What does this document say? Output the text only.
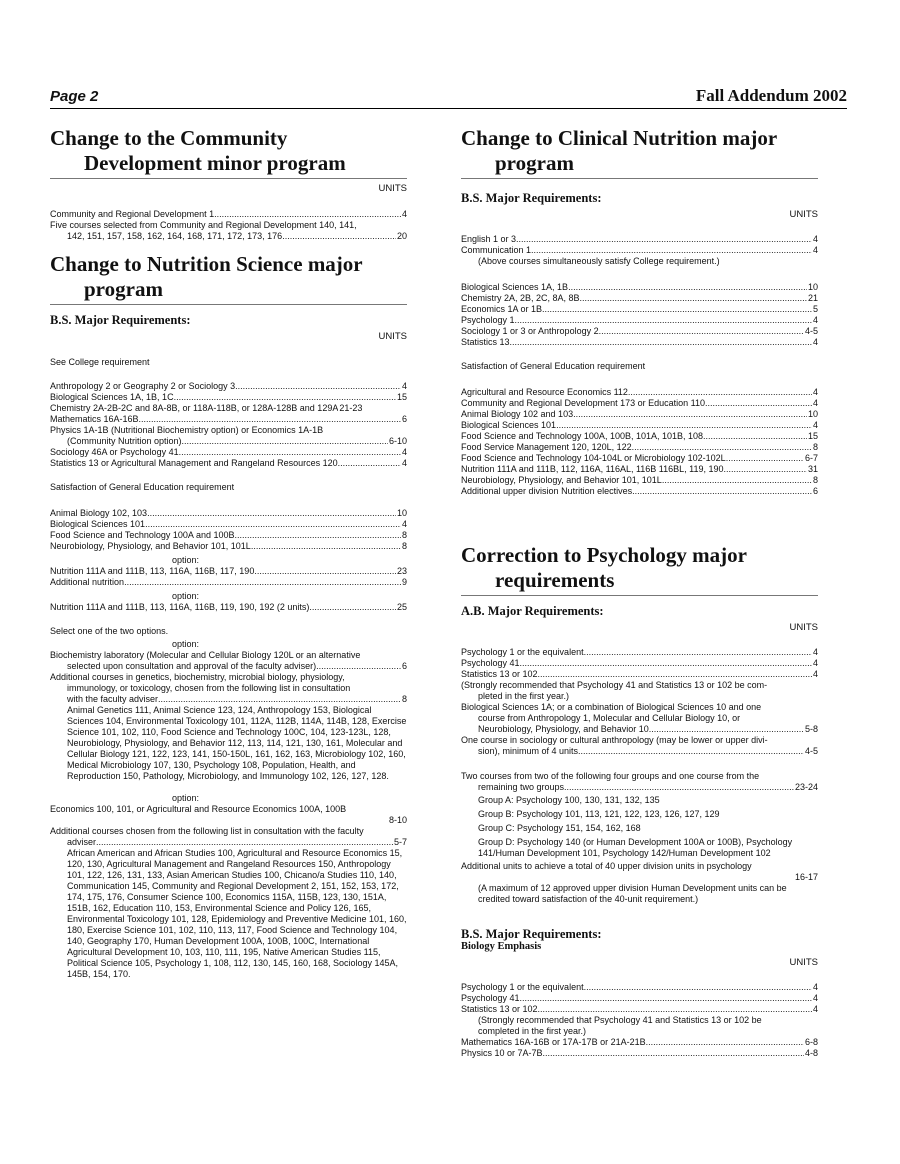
Page 2	Fall Addendum 2002
Change to the Community
Development minor program
UNITS
Community and Regional Development 1 .....	4
Five courses selected from Community and Regional Development 140, 141,
142, 151, 157, 158, 162, 164, 168, 171, 172, 173, 176 .....	20
Change to Nutrition Science major
program
B.S. Major Requirements:
UNITS
See College requirement
Anthropology 2 or Geography 2 or Sociology 3 .....	4
Biological Sciences 1A, 1B, 1C .....	15
Chemistry 2A-2B-2C and 8A-8B, or 118A-118B, or 128A-128B and 129A ..... 21-23
Mathematics 16A-16B .....	6
Physics 1A-1B (Nutritional Biochemistry option) or Economics 1A-1B
(Community Nutrition option) .....	6-10
Sociology 46A or Psychology 41 .....	4
Statistics 13 or Agricultural Management and Rangeland Resources 120 .....	4
Satisfaction of General Education requirement
Animal Biology 102, 103 .....	10
Biological Sciences 101 .....	4
Food Science and Technology 100A and 100B .....	8
Neurobiology, Physiology, and Behavior 101, 101L .....	8
option:
Nutrition 111A and 111B, 113, 116A, 116B, 117, 190 .....	23
Additional nutrition .....	9
option:
Nutrition 111A and 111B, 113, 116A, 116B, 119, 190, 192 (2 units) .....	25
Select one of the two options.
option:
Biochemistry laboratory (Molecular and Cellular Biology 120L or an alternative
selected upon consultation and approval of the faculty adviser) .....	6
Additional courses in genetics, biochemistry, microbial biology, physiology,
immunology, or toxicology, chosen from the following list in consultation
with the faculty adviser .....	8
Animal Genetics 111, Animal Science 123, 124, Anthropology 153, Biological Sciences 104, Environmental Toxicology 101, 112A, 112B, 114A, 114B, 128, Exercise Science 101, 102, 110, Food Science and Technology 100C, 104, 123-123L, 128, Neurobiology, Physiology, and Behavior 112, 113, 114, 121, 130, 161, Molecular and Cellular Biology 121, 122, 123, 141, 150-150L, 161, 162, 163, Microbiology 102, 160, Medical Microbiology 107, 130, Psychology 108, Population, Health, and Reproduction 150, Pathology, Microbiology, and Immunology 102, 126, 127, 128.
option:
Economics 100, 101, or Agricultural and Resource Economics 100A, 100B
8-10
Additional courses chosen from the following list in consultation with the faculty
adviser .....	5-7
African American and African Studies 100, Agricultural and Resource Economics 15, 120, 130, Agricultural Management and Rangeland Resources 150, Anthropology 101, 122, 126, 131, 133, Asian American Studies 100, Chicano/a Studies 110, 140, Communication 145, Community and Regional Development 2, 151, 152, 153, 172, 174, 175, 176, Consumer Science 100, Economics 115A, 115B, 123, 130, 151A, 151B, 162, Education 110, 153, Environmental Science and Policy 126, 165, Environmental Toxicology 101, 128, Epidemiology and Preventive Medicine 101, 160, 180, Exercise Science 101, 102, 110, 113, 117, Food Science and Technology 104, 140, Geography 170, Human Development 100A, 100B, 100C, International Agricultural Development 10, 103, 110, 111, 195, Native American Studies 115, Political Science 105, Psychology 1, 108, 112, 130, 145, 160, 168, Sociology 145A, 145B, 154, 170.
Change to Clinical Nutrition major
program
B.S. Major Requirements:
UNITS
English 1 or 3 .....	4
Communication 1 .....	4
(Above courses simultaneously satisfy College requirement.)
Biological Sciences 1A, 1B .....	10
Chemistry 2A, 2B, 2C, 8A, 8B .....	21
Economics 1A or 1B .....	5
Psychology 1 .....	4
Sociology 1 or 3 or Anthropology 2 .....	4-5
Statistics 13 .....	4
Satisfaction of General Education requirement
Agricultural and Resource Economics 112 .....	4
Community and Regional Development 173 or Education 110 .....	4
Animal Biology 102 and 103 .....	10
Biological Sciences 101 .....	4
Food Science and Technology 100A, 100B, 101A, 101B, 108 .....	15
Food Service Management 120, 120L, 122 .....	8
Food Science and Technology 104-104L or Microbiology 102-102L .....	6-7
Nutrition 111A and 111B, 112, 116A, 116AL, 116B 116BL, 119, 190 .....	31
Neurobiology, Physiology, and Behavior 101, 101L .....	8
Additional upper division Nutrition electives .....	6
Correction to Psychology major
requirements
A.B. Major Requirements:
UNITS
Psychology 1 or the equivalent .....	4
Psychology 41 .....	4
Statistics 13 or 102 .....	4
(Strongly recommended that Psychology 41 and Statistics 13 or 102 be com-
pleted in the first year.)
Biological Sciences 1A; or a combination of Biological Sciences 10 and one
course from Anthropology 1, Molecular and Cellular Biology 10, or
Neurobiology, Physiology, and Behavior 10 .....	5-8
One course in sociology or cultural anthropology (may be lower or upper divi-
sion), minimum of 4 units .....	4-5
Two courses from two of the following four groups and one course from the
remaining two groups .....	23-24
Group A: Psychology 100, 130, 131, 132, 135
Group B: Psychology 101, 113, 121, 122, 123, 126, 127, 129
Group C: Psychology 151, 154, 162, 168
Group D: Psychology 140 (or Human Development 100A or 100B), Psychology 141/Human Development 101, Psychology 142/Human Development 102
Additional units to achieve a total of 40 upper division units in psychology
16-17
(A maximum of 12 approved upper division Human Development units can be credited toward satisfaction of the 40-unit requirement.)
B.S. Major Requirements:
Biology Emphasis
UNITS
Psychology 1 or the equivalent .....	4
Psychology 41 .....	4
Statistics 13 or 102 .....	4
(Strongly recommended that Psychology 41 and Statistics 13 or 102 be completed in the first year.)
Mathematics 16A-16B or 17A-17B or 21A-21B .....	6-8
Physics 10 or 7A-7B .....	4-8
